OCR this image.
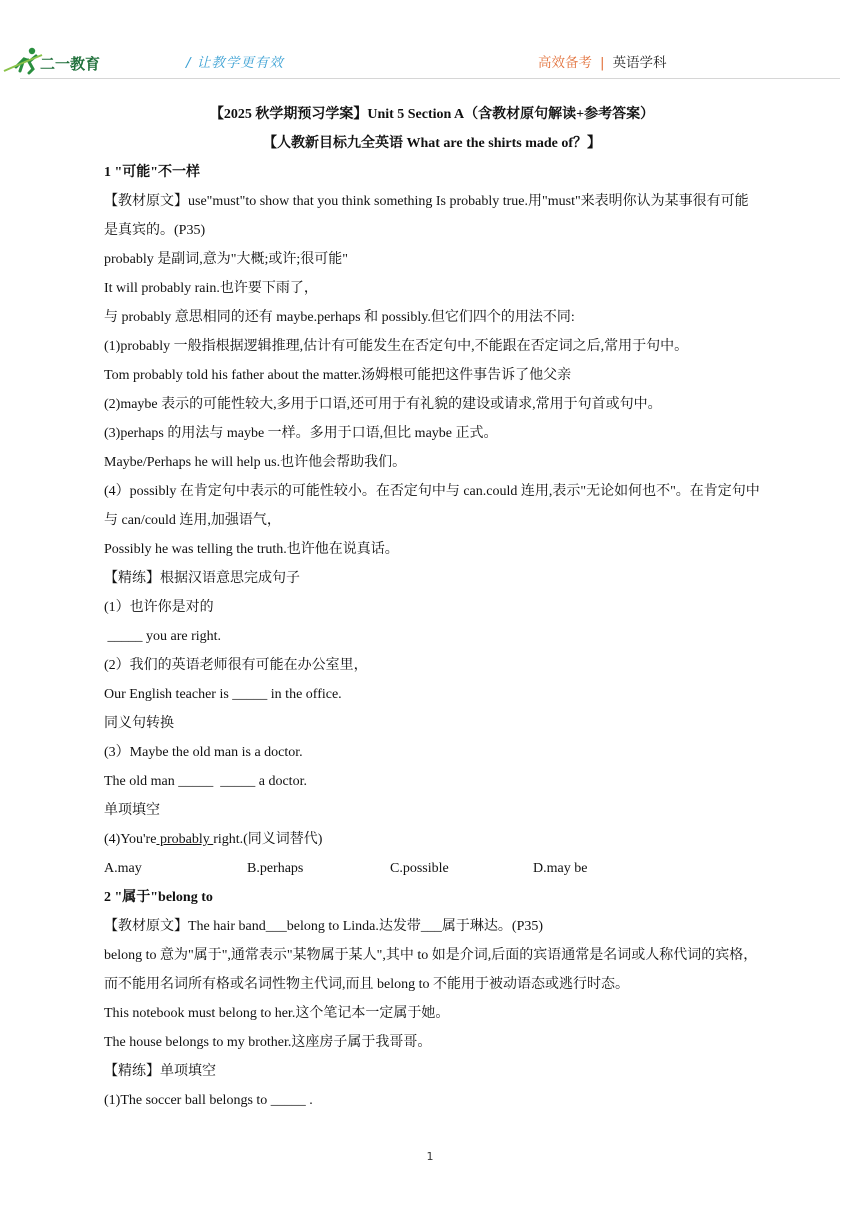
二一教育	/ 让教学更有效	高效备考 | 英语学科
【2025 秋学期预习学案】Unit 5 Section A（含教材原句解读+参考答案）
【人教新目标九全英语 What are the shirts made of？】
1 "可能"不一样
【教材原文】use"must"to show that you think something Is probably true.用"must"来表明你认为某事很有可能是真宾的。(P35)
probably 是副词,意为"大概;或许;很可能"
It will probably rain.也许要下雨了，
与 probably 意思相同的还有 maybe.perhaps 和 possibly.但它们四个的用法不同:
(1)probably 一般指根据逻辑推理,估计有可能发生在否定句中,不能跟在否定词之后,常用于句中。
Tom probably told his father about the matter.汤姆根可能把这件事告诉了他父亲
(2)maybe 表示的可能性较大,多用于口语,还可用于有礼貌的建设或请求,常用于句首或句中。
(3)perhaps 的用法与 maybe 一样。多用于口语,但比 maybe 正式。
Maybe/Perhaps he will help us.也许他会帮助我们。
(4）possibly 在肯定句中表示的可能性较小。在否定句中与 can.could 连用,表示"无论如何也不"。在肯定句中与 can/could 连用,加强语气，
Possibly he was telling the truth.也许他在说真话。
【精练】根据汉语意思完成句子
(1）也许你是对的
_____ you are right.
(2）我们的英语老师很有可能在办公室里，
Our English teacher is _____ in the office.
同义句转换
(3）Maybe the old man is a doctor.
The old man _____  _____ a doctor.
单项填空
(4)You're probably right.(同义词替代)
A.may	B.perhaps	C.possible	D.may be
2 "属于"belong to
【教材原文】The hair band___belong to Linda.达发带___属于琳达。(P35)
belong to 意为"属于",通常表示"某物属于某人",其中 to 如是介词,后面的宾语通常是名词或人称代词的宾格，而不能用名词所有格或名词性物主代词,而且 belong to 不能用于被动语态或逃行时态。
This notebook must belong to her.这个笔记本一定属于她。
The house belongs to my brother.这座房子属于我哥哥。
【精练】单项填空
(1)The soccer ball belongs to _____ .
1
